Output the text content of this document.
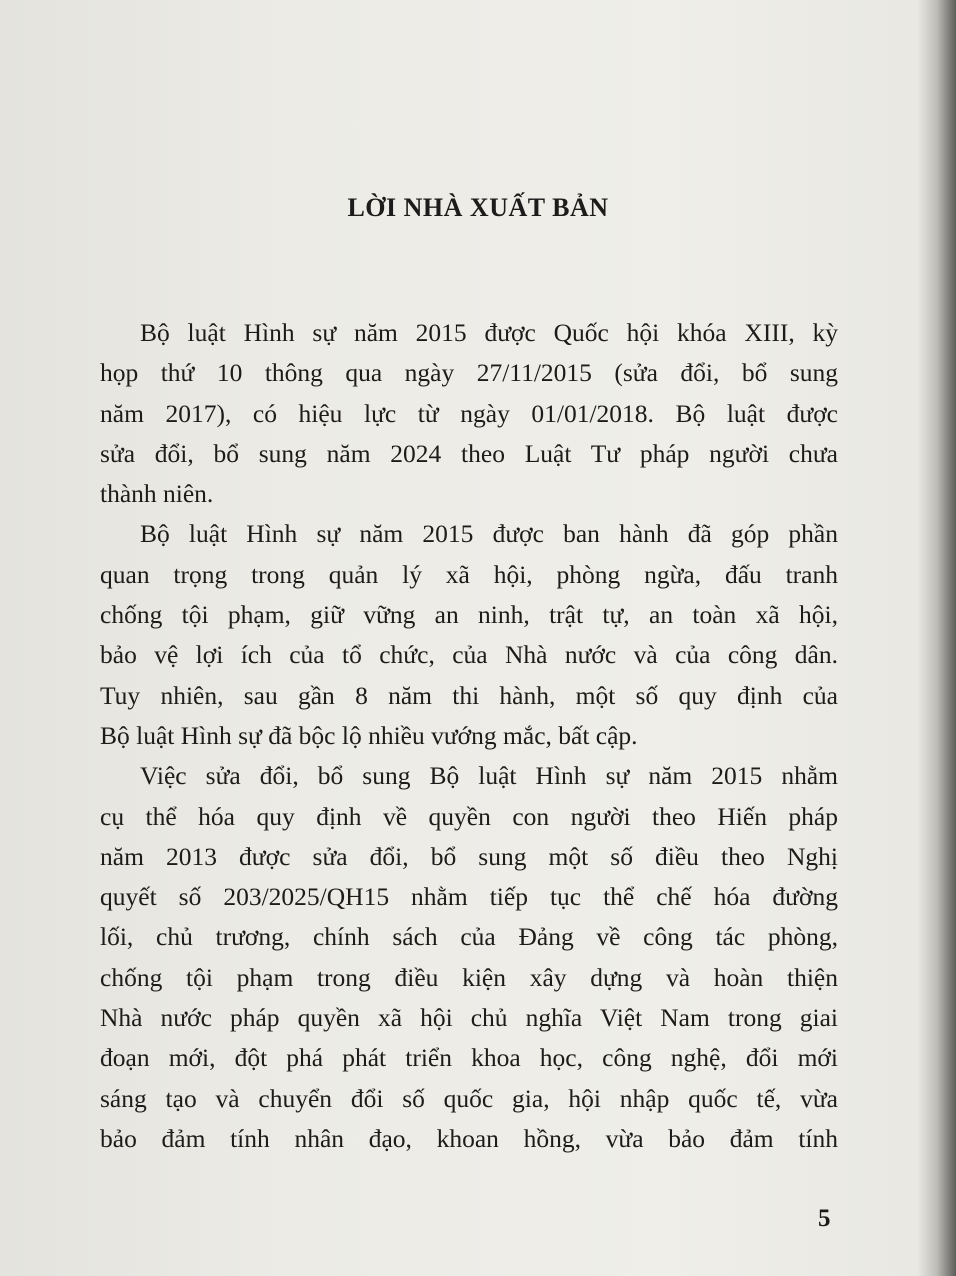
LỜI NHÀ XUẤT BẢN
Bộ luật Hình sự năm 2015 được Quốc hội khóa XIII, kỳ
họp thứ 10 thông qua ngày 27/11/2015 (sửa đổi, bổ sung
năm 2017), có hiệu lực từ ngày 01/01/2018. Bộ luật được
sửa đổi, bổ sung năm 2024 theo Luật Tư pháp người chưa
thành niên.
Bộ luật Hình sự năm 2015 được ban hành đã góp phần
quan trọng trong quản lý xã hội, phòng ngừa, đấu tranh
chống tội phạm, giữ vững an ninh, trật tự, an toàn xã hội,
bảo vệ lợi ích của tổ chức, của Nhà nước và của công dân.
Tuy nhiên, sau gần 8 năm thi hành, một số quy định của
Bộ luật Hình sự đã bộc lộ nhiều vướng mắc, bất cập.
Việc sửa đổi, bổ sung Bộ luật Hình sự năm 2015 nhằm
cụ thể hóa quy định về quyền con người theo Hiến pháp
năm 2013 được sửa đổi, bổ sung một số điều theo Nghị
quyết số 203/2025/QH15 nhằm tiếp tục thể chế hóa đường
lối, chủ trương, chính sách của Đảng về công tác phòng,
chống tội phạm trong điều kiện xây dựng và hoàn thiện
Nhà nước pháp quyền xã hội chủ nghĩa Việt Nam trong giai
đoạn mới, đột phá phát triển khoa học, công nghệ, đổi mới
sáng tạo và chuyển đổi số quốc gia, hội nhập quốc tế, vừa
bảo đảm tính nhân đạo, khoan hồng, vừa bảo đảm tính
5
